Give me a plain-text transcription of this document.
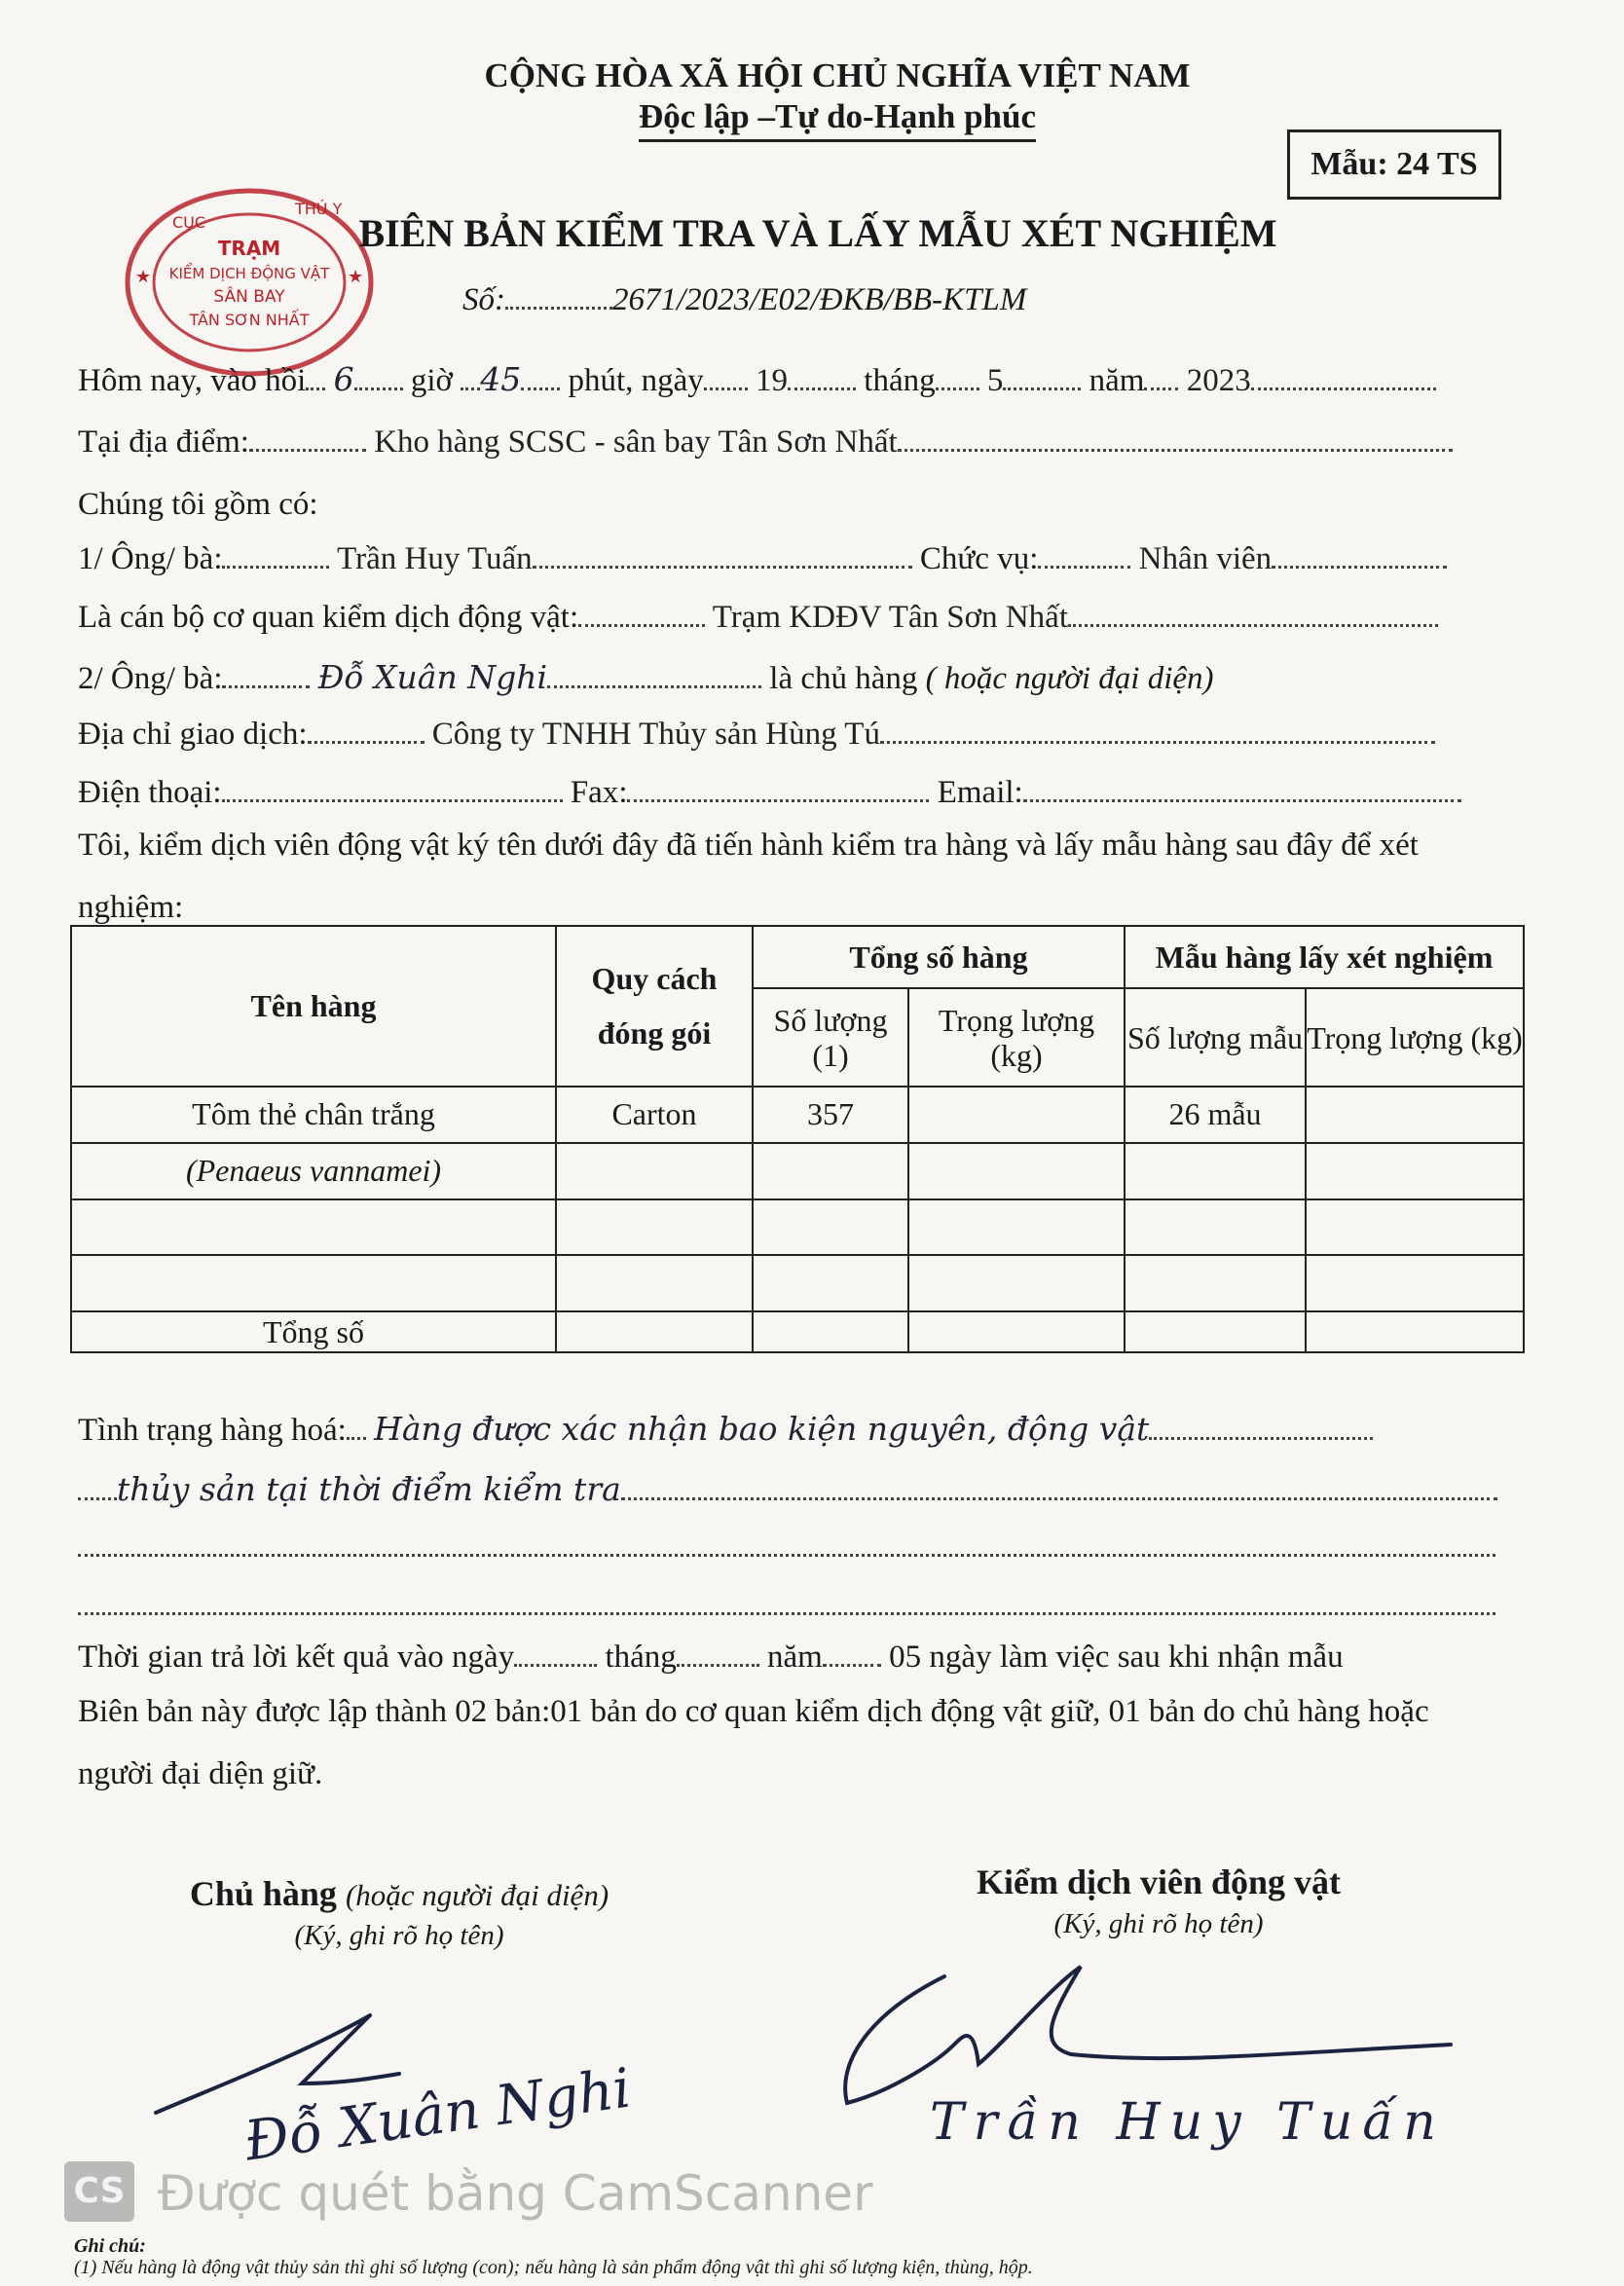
CỘNG HÒA XÃ HỘI CHỦ NGHĨA VIỆT NAM
Độc lập –Tự do-Hạnh phúc
Mẫu: 24 TS
CỤC
THÚ Y
TRẠM
KIỂM DỊCH ĐỘNG VẬT
SÂN BAY
TÂN SƠN NHẤT
★	★
BIÊN BẢN KIỂM TRA VÀ LẤY MẪU XÉT NGHIỆM
Số:	2671/2023/E02/ĐKB/BB-KTLM
Hôm nay, vào hồi 6 giờ 45 phút, ngày 19 tháng 5	năm 2023
Tại địa điểm:	Kho hàng SCSC - sân bay Tân Sơn Nhất
Chúng tôi gồm có:
1/ Ông/ bà:	Trần Huy Tuấn	Chức vụ:	Nhân viên
Là cán bộ cơ quan kiểm dịch động vật:	Trạm KDĐV Tân Sơn Nhất
2/ Ông/ bà:	Đỗ Xuân Nghi	là chủ hàng ( hoặc người đại diện)
Địa chỉ giao dịch:	Công ty TNHH Thủy sản Hùng Tú
Điện thoại:	Fax:	Email:
Tôi, kiểm dịch viên động vật ký tên dưới đây đã tiến hành kiểm tra hàng và lấy mẫu hàng sau đây để xét nghiệm:
Tên hàng	Quy cách đóng gói	Tổng số hàng		Mẫu hàng lấy xét nghiệm	
		Số lượng (1)	Trọng lượng (kg)	Số lượng mẫu	Trọng lượng (kg)
Tôm thẻ chân trắng	Carton	357		26 mẫu	
(Penaeus vannamei)					

Tổng số					
Tình trạng hàng hoá: Hàng được xác nhận bao kiện nguyên, động vật
thủy sản tại thời điểm kiểm tra
Thời gian trả lời kết quả vào ngày	tháng	năm 05 ngày làm việc sau khi nhận mẫu
Biên bản này được lập thành 02 bản:01 bản do cơ quan kiểm dịch động vật giữ, 01 bản do chủ hàng hoặc người đại diện giữ.
Chủ hàng (hoặc người đại diện)
(Ký, ghi rõ họ tên)
Kiểm dịch viên động vật
(Ký, ghi rõ họ tên)
Đỗ Xuân Nghi	Trần Huy Tuấn
CS Được quét bằng CamScanner
Ghi chú:
(1) Nếu hàng là động vật thủy sản thì ghi số lượng (con); nếu hàng là sản phẩm động vật thì ghi số lượng kiện, thùng, hộp.
